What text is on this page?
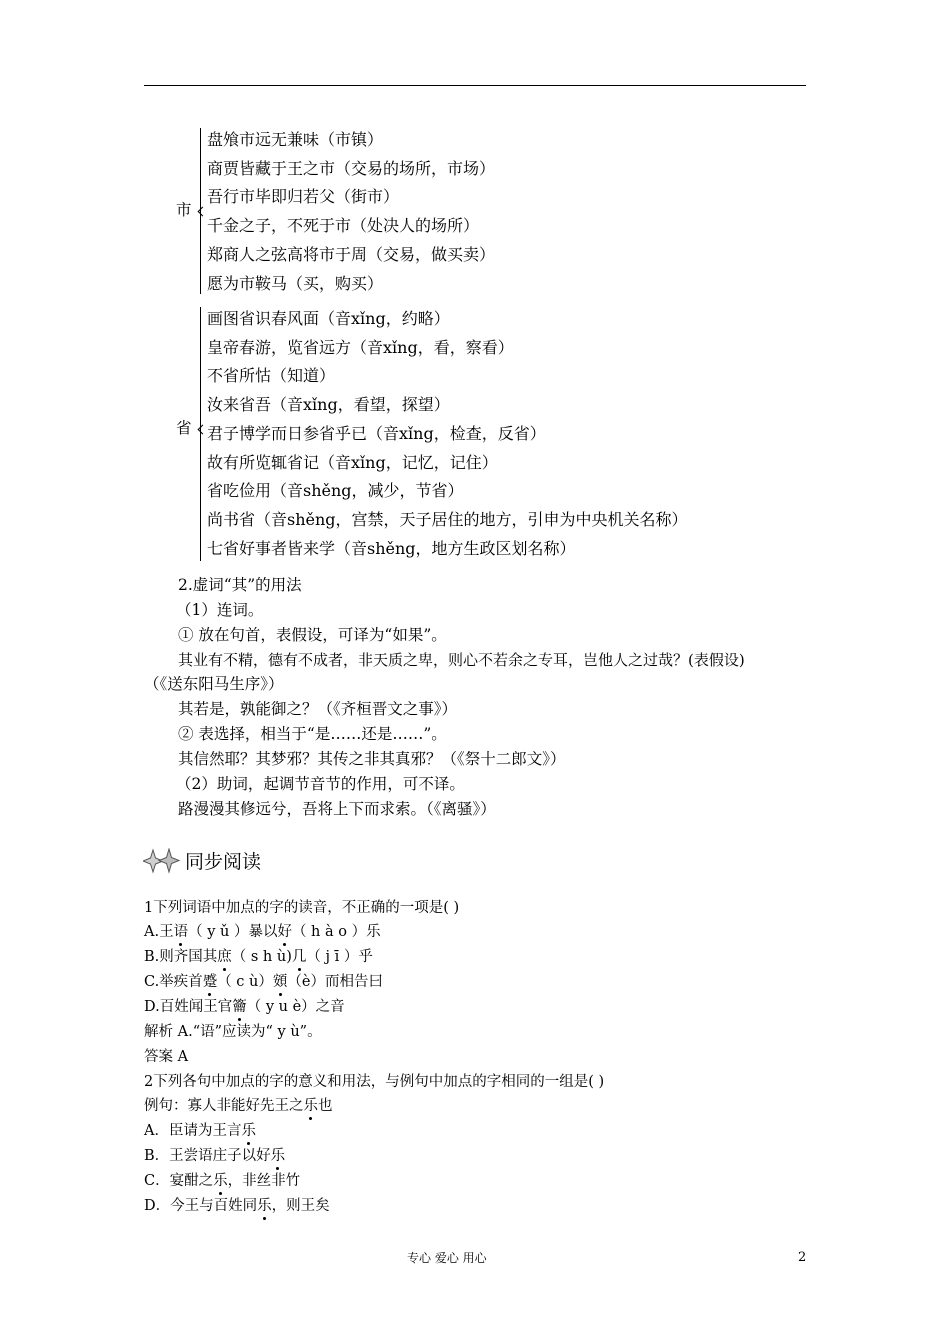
市
盘飧市远无兼味（市镇）
商贾皆藏于王之市（交易的场所，市场）
吾行市毕即归若父（街市）
千金之子，不死于市（处决人的场所）
郑商人之弦高将市于周（交易，做买卖）
愿为市鞍马（买，购买）
省
画图省识春风面（音xǐng，约略）
皇帝春游，览省远方（音xǐng，看，察看）
不省所怙（知道）
汝来省吾（音xǐng，看望，探望）
君子博学而日参省乎已（音xǐng，检查，反省）
故有所览辄省记（音xǐng，记忆，记住）
省吃俭用（音shěng，减少，节省）
尚书省（音shěng，宫禁，天子居住的地方，引申为中央机关名称）
七省好事者皆来学（音shěng，地方生政区划名称）
2.虚词“其”的用法
（1）连词。
① 放在句首，表假设，可译为“如果”。
其业有不精，德有不成者，非天质之卑，则心不若余之专耳，岂他人之过哉？(表假设)
（《送东阳马生序》）
其若是，孰能御之？（《齐桓晋文之事》）
② 表选择，相当于“是……还是……”。
其信然耶？其梦邪？其传之非其真邪？（《祭十二郎文》）
（2）助词，起调节音节的作用，可不译。
路漫漫其修远兮，吾将上下而求索。（《离骚》）
同步阅读
1下列词语中加点的字的读音，不正确的一项是( )
A.王语（ y ǔ ）暴以好（ h à o ）乐
B.则齐国其庶（ s h ù)几（ j ī ）乎
C.举疾首蹙（ c ù）頞（è）而相告曰
D.百姓闻王官籥（ y u è）之音
解析 A.“语”应读为“ y ù”。
答案 A
2下列各句中加点的字的意义和用法，与例句中加点的字相同的一组是( )
例句：寡人非能好先王之乐也
A．臣请为王言乐
B．王尝语庄子以好乐
C．宴酣之乐，非丝非竹
D．今王与百姓同乐，则王矣
专心 爱心 用心	2
